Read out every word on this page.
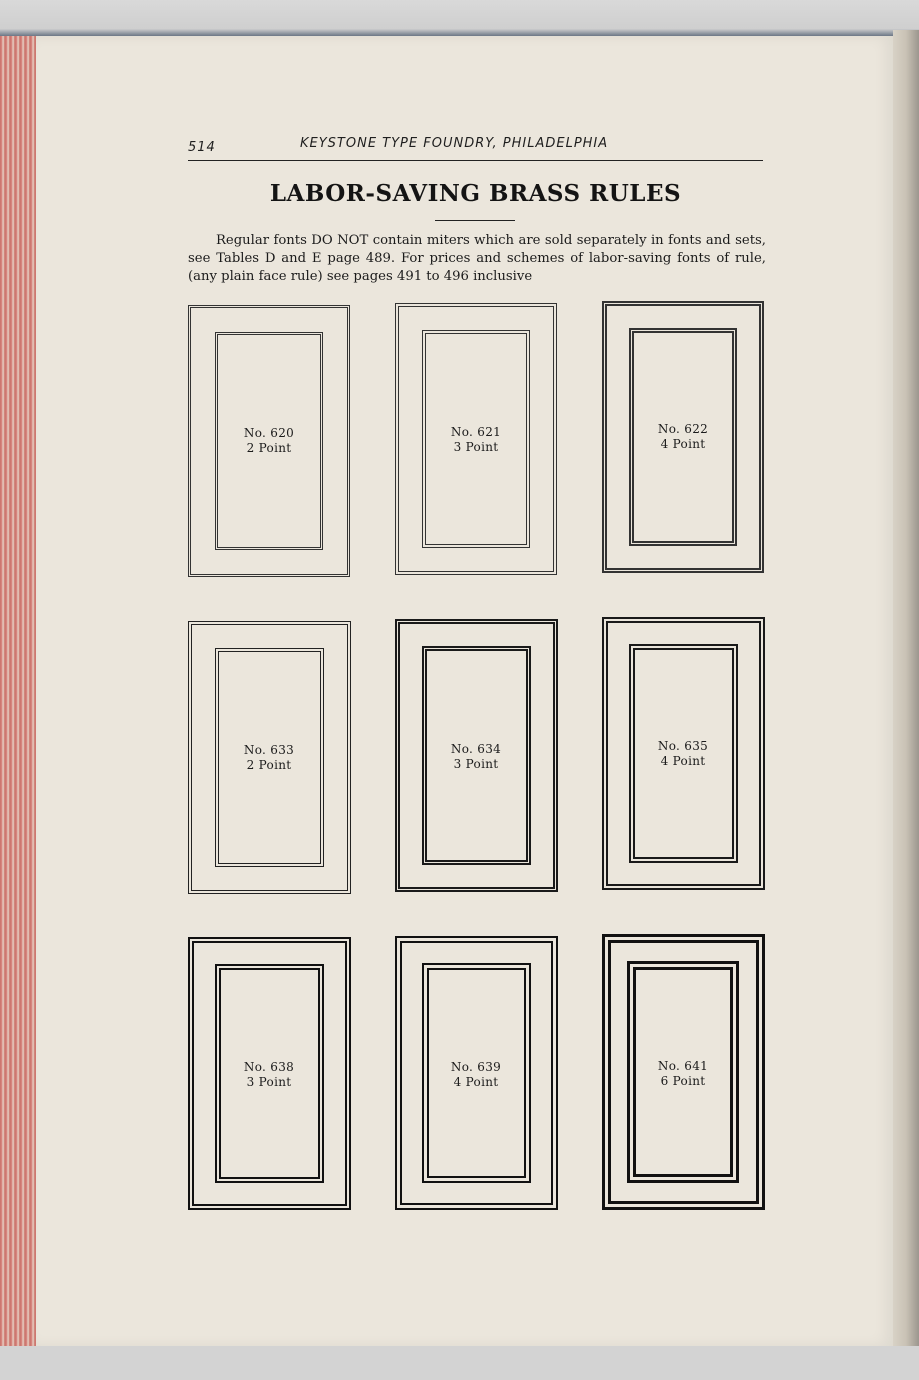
514	KEYSTONE TYPE FOUNDRY, PHILADELPHIA
LABOR-SAVING BRASS RULES

Regular fonts DO NOT contain miters which are sold separately in fonts and sets, see Tables D and E page 489. For prices and schemes of labor-saving fonts of rule, (any plain face rule) see pages 491 to 496 inclusive

No. 620
2 Point
No. 621
3 Point
No. 622
4 Point
No. 633
2 Point
No. 634
3 Point
No. 635
4 Point
No. 638
3 Point
No. 639
4 Point
No. 641
6 Point
